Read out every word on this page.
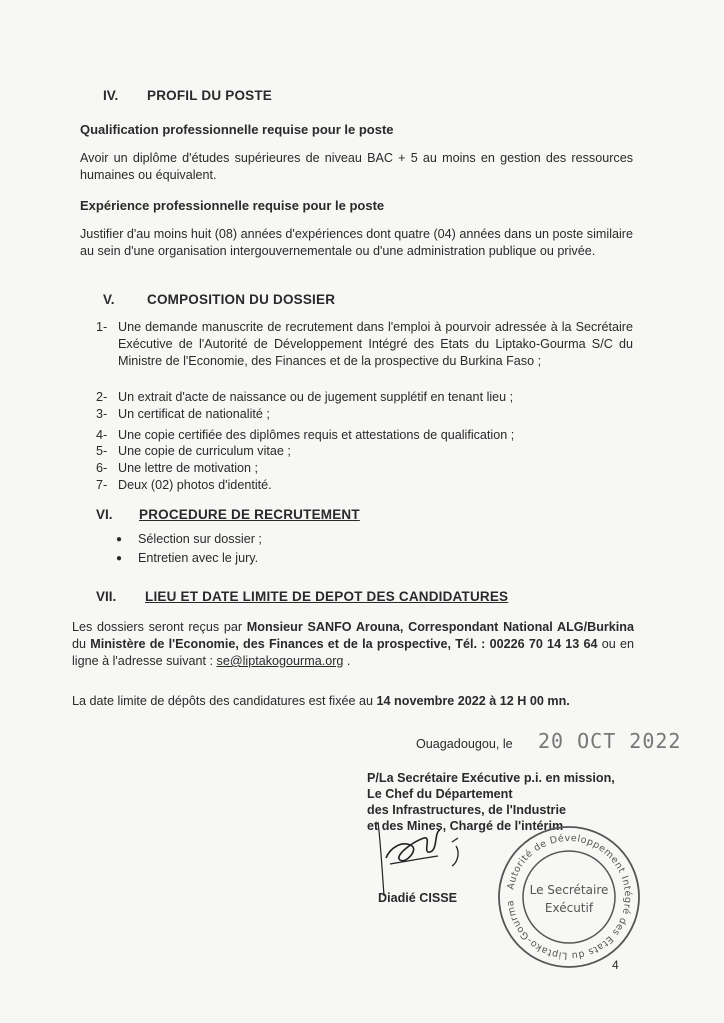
IV. PROFIL DU POSTE
Qualification professionnelle requise pour le poste
Avoir un diplôme d'études supérieures de niveau BAC + 5 au moins en gestion des ressources humaines ou équivalent.
Expérience professionnelle requise pour le poste
Justifier d'au moins huit (08) années d'expériences dont quatre (04) années dans un poste similaire au sein d'une organisation intergouvernementale ou d'une administration publique ou privée.
V. COMPOSITION DU DOSSIER
1- Une demande manuscrite de recrutement dans l'emploi à pourvoir adressée à la Secrétaire Exécutive de l'Autorité de Développement Intégré des Etats du Liptako-Gourma S/C du Ministre de l'Economie, des Finances et de la prospective du Burkina Faso ;
2- Un extrait d'acte de naissance ou de jugement supplétif en tenant lieu ;
3- Un certificat de nationalité ;
4- Une copie certifiée des diplômes requis et attestations de qualification ;
5- Une copie de curriculum vitae ;
6- Une lettre de motivation ;
7- Deux (02) photos d'identité.
VI. PROCEDURE DE RECRUTEMENT
● Sélection sur dossier ;
● Entretien avec le jury.
VII. LIEU ET DATE LIMITE DE DEPOT DES CANDIDATURES
Les dossiers seront reçus par Monsieur SANFO Arouna, Correspondant National ALG/Burkina du Ministère de l'Economie, des Finances et de la prospective, Tél. : 00226 70 14 13 64 ou en ligne à l'adresse suivant : se@liptakogourma.org .
La date limite de dépôts des candidatures est fixée au 14 novembre 2022 à 12 H 00 mn.
Ouagadougou, le 20 OCT 2022
P/La Secrétaire Exécutive p.i. en mission,
Le Chef du Département
des Infrastructures, de l'Industrie
et des Mines, Chargé de l'intérim
Diadié CISSE
Autorité de Développement Intégré des Etats du Liptako-Gourma
Le Secrétaire
Exécutif
4
